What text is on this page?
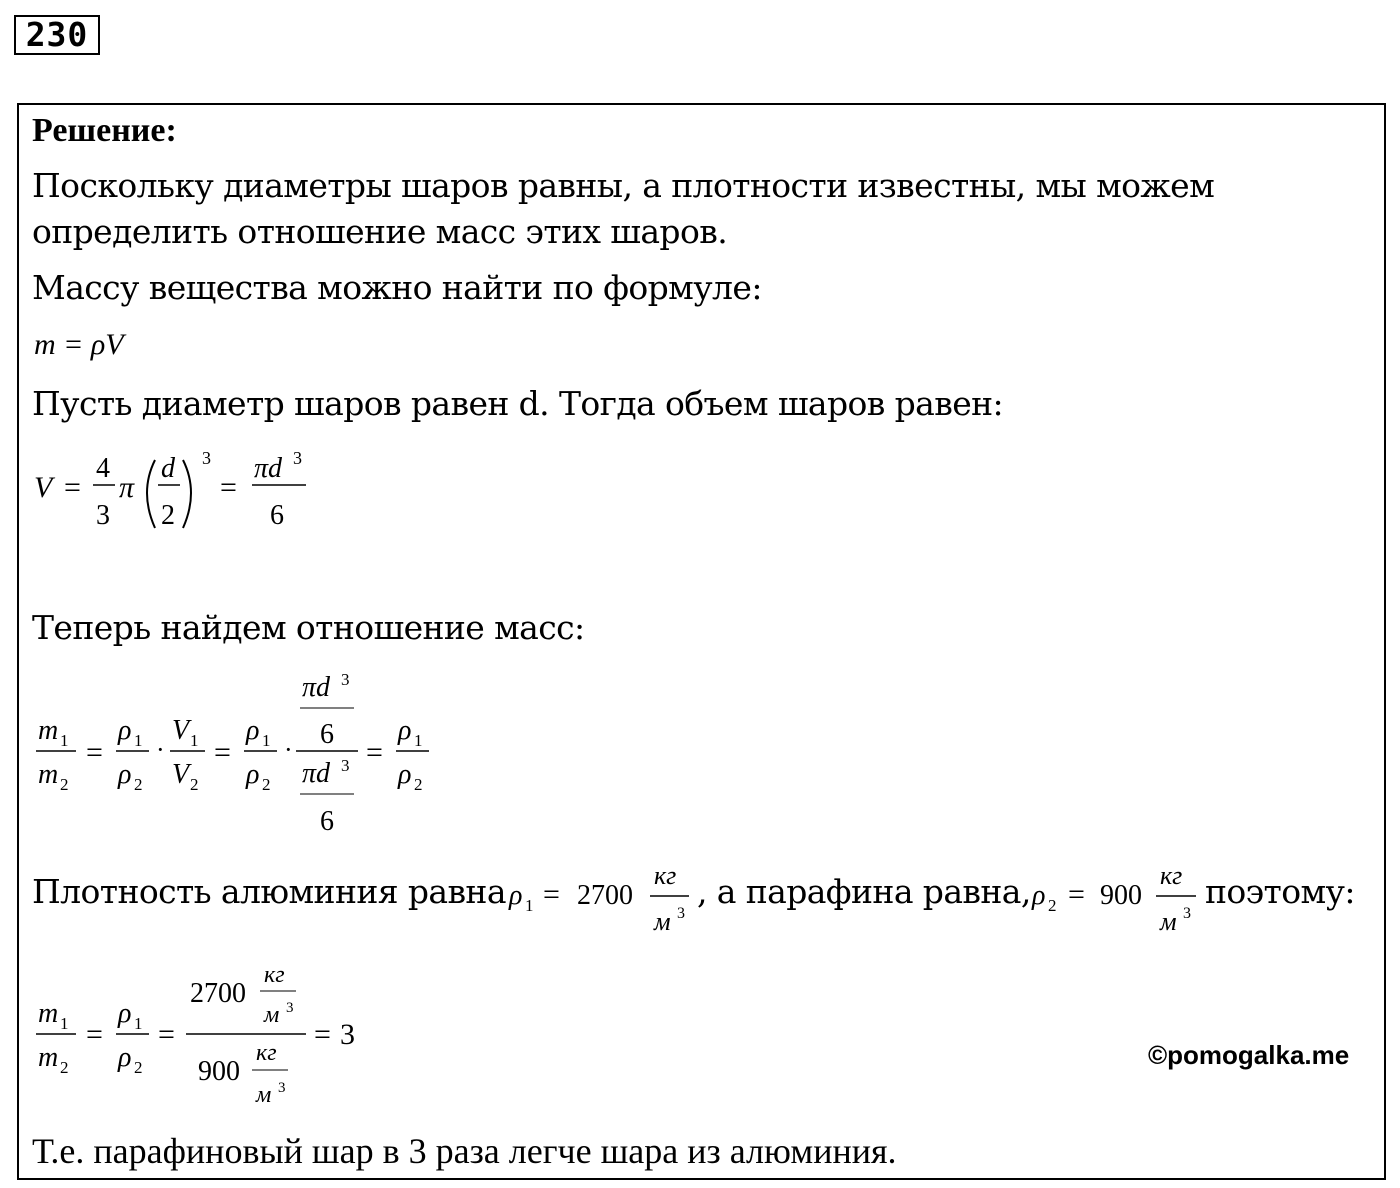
230
Решение:
Поскольку диаметры шаров равны, а плотности известны, мы можем
определить отношение масс этих шаров.
Массу вещества можно найти по формуле:
m = ρV
Пусть диаметр шаров равен d. Тогда объем шаров равен:
V =
4
3
π
d
2
3
=
πd 3
6
Теперь найдем отношение масс:
m 1
m 2
=
ρ 1
ρ 2
·
V 1
V 2
=
ρ 1
ρ 2
·
πd 3
6
πd 3
6
=
ρ 1
ρ 2
Плотность алюминия равна ρ 1 = 2700
кг
м 3
, а парафина равна, ρ 2 = 900
кг
м 3
поэтому:
m 1
m 2
=
ρ 1
ρ 2
=
2700
кг
м 3
900
кг
м 3
= 3
©pomogalka.me
Т.е. парафиновый шар в 3 раза легче шара из алюминия.
